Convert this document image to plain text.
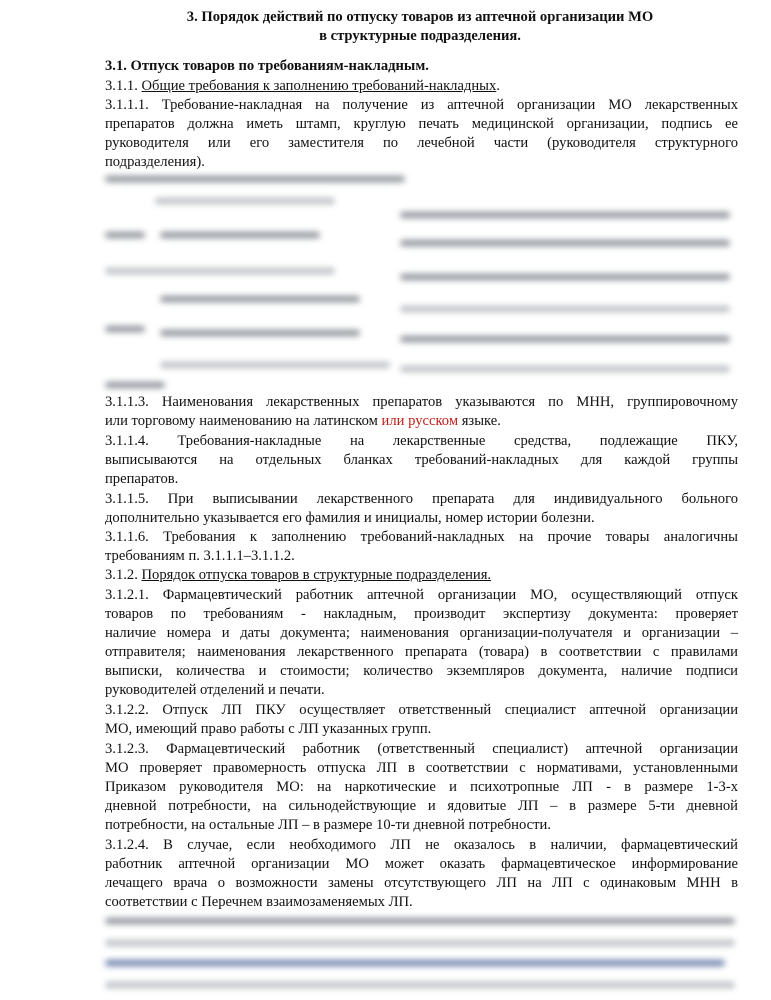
3. Порядок действий по отпуску товаров из аптечной организации МО
в структурные подразделения.
3.1. Отпуск товаров по требованиям-накладным.
3.1.1. Общие требования к заполнению требований-накладных.
3.1.1.1. Требование-накладная на получение из аптечной организации МО лекарственных
препаратов должна иметь штамп, круглую печать медицинской организации, подпись ее
руководителя или его заместителя по лечебной части (руководителя структурного
подразделения).
3.1.1.3. Наименования лекарственных препаратов указываются по МНН, группировочному
или торговому наименованию на латинском или русском языке.
3.1.1.4. Требования-накладные на лекарственные средства, подлежащие ПКУ,
выписываются на отдельных бланках требований-накладных для каждой группы
препаратов.
3.1.1.5. При выписывании лекарственного препарата для индивидуального больного
дополнительно указывается его фамилия и инициалы, номер истории болезни.
3.1.1.6. Требования к заполнению требований-накладных на прочие товары аналогичны
требованиям п. 3.1.1.1–3.1.1.2.
3.1.2. Порядок отпуска товаров в структурные подразделения.
3.1.2.1. Фармацевтический работник аптечной организации МО, осуществляющий отпуск
товаров по требованиям - накладным, производит экспертизу документа: проверяет
наличие номера и даты документа; наименования организации-получателя и организации –
отправителя; наименования лекарственного препарата (товара) в соответствии с правилами
выписки, количества и стоимости; количество экземпляров документа, наличие подписи
руководителей отделений и печати.
3.1.2.2. Отпуск ЛП ПКУ осуществляет ответственный специалист аптечной организации
МО, имеющий право работы с ЛП указанных групп.
3.1.2.3. Фармацевтический работник (ответственный специалист) аптечной организации
МО проверяет правомерность отпуска ЛП в соответствии с нормативами, установленными
Приказом руководителя МО: на наркотические и психотропные ЛП - в размере 1-3-х
дневной потребности, на сильнодействующие и ядовитые ЛП – в размере 5-ти дневной
потребности, на остальные ЛП – в размере 10-ти дневной потребности.
3.1.2.4. В случае, если необходимого ЛП не оказалось в наличии, фармацевтический
работник аптечной организации МО может оказать фармацевтическое информирование
лечащего врача о возможности замены отсутствующего ЛП на ЛП с одинаковым МНН в
соответствии с Перечнем взаимозаменяемых ЛП.
